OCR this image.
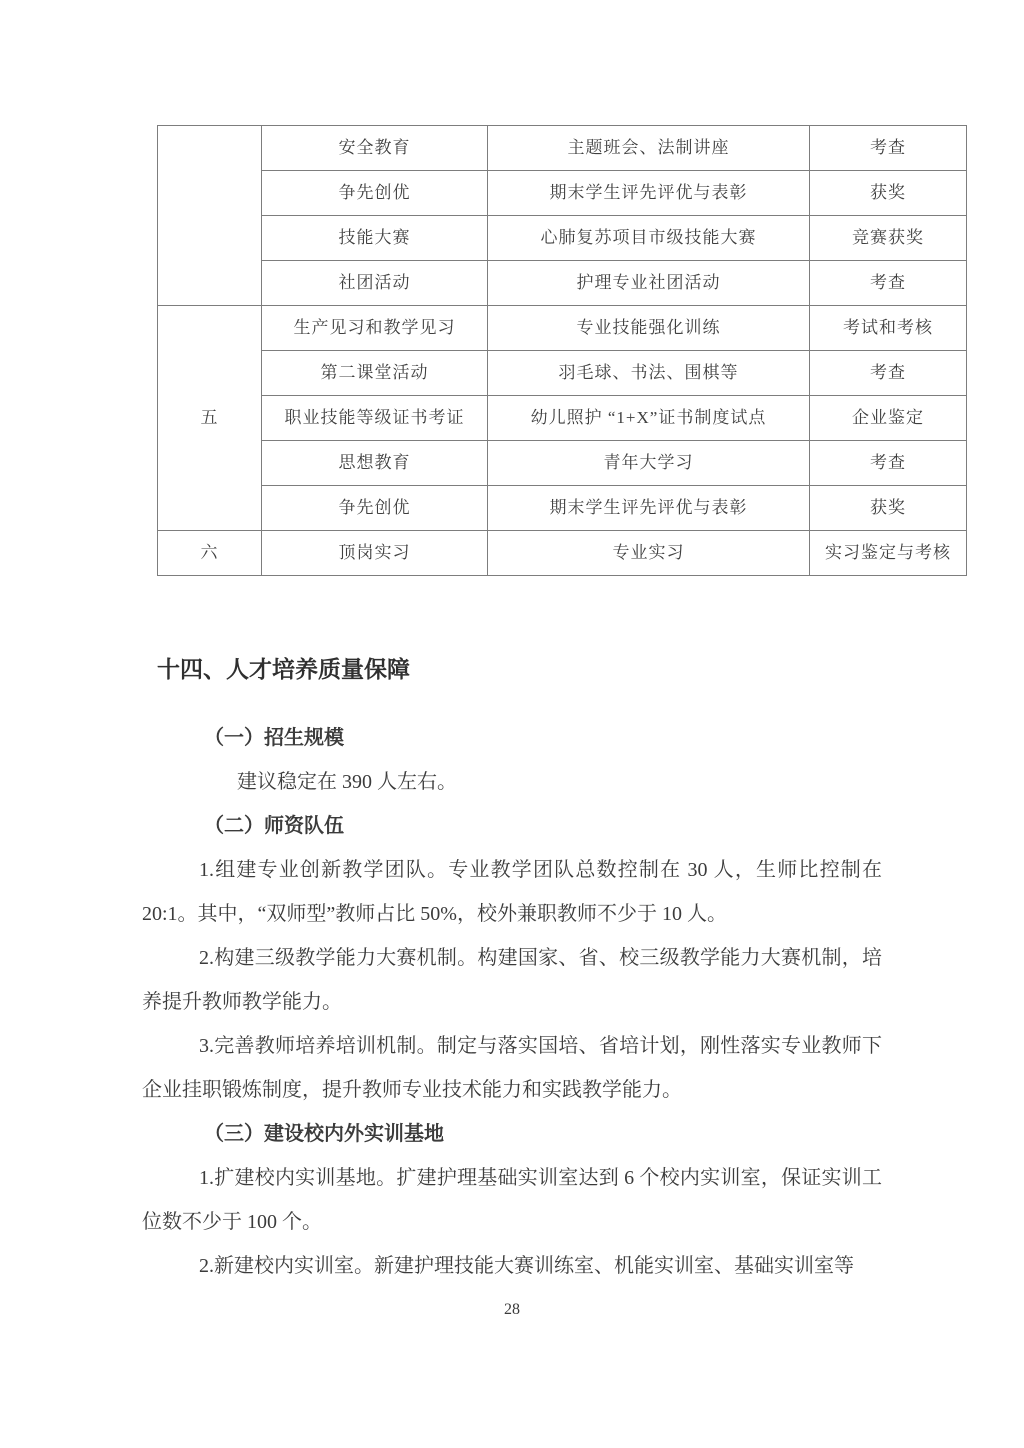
	安全教育	主题班会、法制讲座	考查
	争先创优	期末学生评先评优与表彰	获奖
	技能大赛	心肺复苏项目市级技能大赛	竞赛获奖
	社团活动	护理专业社团活动	考查
五	生产见习和教学见习	专业技能强化训练	考试和考核
	第二课堂活动	羽毛球、书法、围棋等	考查
	职业技能等级证书考证	幼儿照护 “1+X”证书制度试点	企业鉴定
	思想教育	青年大学习	考查
	争先创优	期末学生评先评优与表彰	获奖
六	顶岗实习	专业实习	实习鉴定与考核
十四、人才培养质量保障

（一）招生规模

建议稳定在 390 人左右。

（二）师资队伍

1.组建专业创新教学团队。专业教学团队总数控制在 30 人，生师比控制在 20:1。其中，“双师型”教师占比 50%，校外兼职教师不少于 10 人。

2.构建三级教学能力大赛机制。构建国家、省、校三级教学能力大赛机制，培养提升教师教学能力。

3.完善教师培养培训机制。制定与落实国培、省培计划，刚性落实专业教师下企业挂职锻炼制度，提升教师专业技术能力和实践教学能力。

（三）建设校内外实训基地

1.扩建校内实训基地。扩建护理基础实训室达到 6 个校内实训室，保证实训工位数不少于 100 个。

2.新建校内实训室。新建护理技能大赛训练室、机能实训室、基础实训室等

28
